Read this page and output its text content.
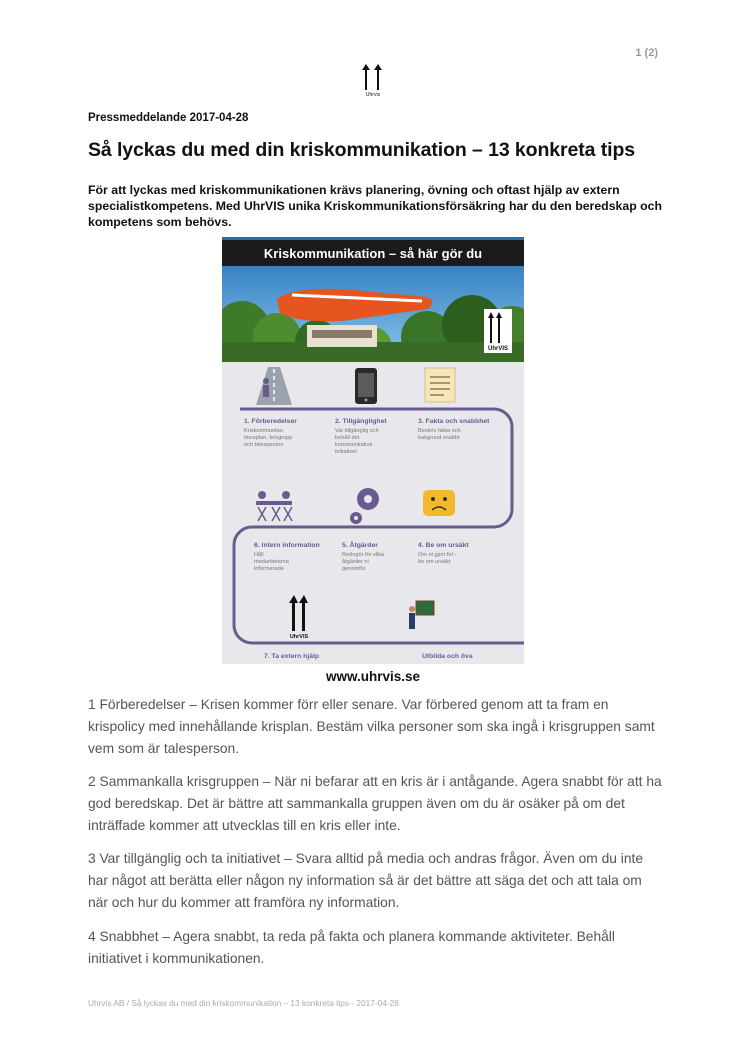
1 (2)
Uhrvis
Pressmeddelande 2017-04-28
Så lyckas du med din kriskommunikation – 13 konkreta tips
För att lyckas med kriskommunikationen krävs planering, övning och oftast hjälp av extern specialistkompetens. Med UhrVIS unika Kriskommunikationsförsäkring har du den beredskap och kompetens som behövs.
UhrVIS
Kriskommunikation – så här gör du
1. Förberedelser
Kriskommunika-
tionsplan, krisgrupp
och talesperson
2. Tillgänglighet
Var tillgänglig och
behåll det
kommunikativa
initiativet
3. Fakta och snabbhet
Beskriv fakta och
bakgrund snabbt
6. Intern information
Håll
medarbetarna
informerade
5. Åtgärder
Redogör för vilka
åtgärder ni
genomför
4. Be om ursäkt
Om ni gjort fel -
be om ursäkt
UhrVIS
7. Ta extern hjälp	Utbilda och öva
www.uhrvis.se
1 Förberedelser – Krisen kommer förr eller senare. Var förbered genom att ta fram en krispolicy med innehållande krisplan. Bestäm vilka personer som ska ingå i krisgruppen samt vem som är talesperson.
2 Sammankalla krisgruppen – När ni befarar att en kris är i antågande. Agera snabbt för att ha god beredskap. Det är bättre att sammankalla gruppen även om du är osäker på om det inträffade kommer att utvecklas till en kris eller inte.
3 Var tillgänglig och ta initiativet – Svara alltid på media och andras frågor. Även om du inte har något att berätta eller någon ny information så är det bättre att säga det och att tala om när och hur du kommer att framföra ny information.
4 Snabbhet – Agera snabbt, ta reda på fakta och planera kommande aktiviteter. Behåll initiativet i kommunikationen.
Uhrvis AB / Så lyckas du med din kriskommunikation – 13 konkreta tips - 2017-04-28
